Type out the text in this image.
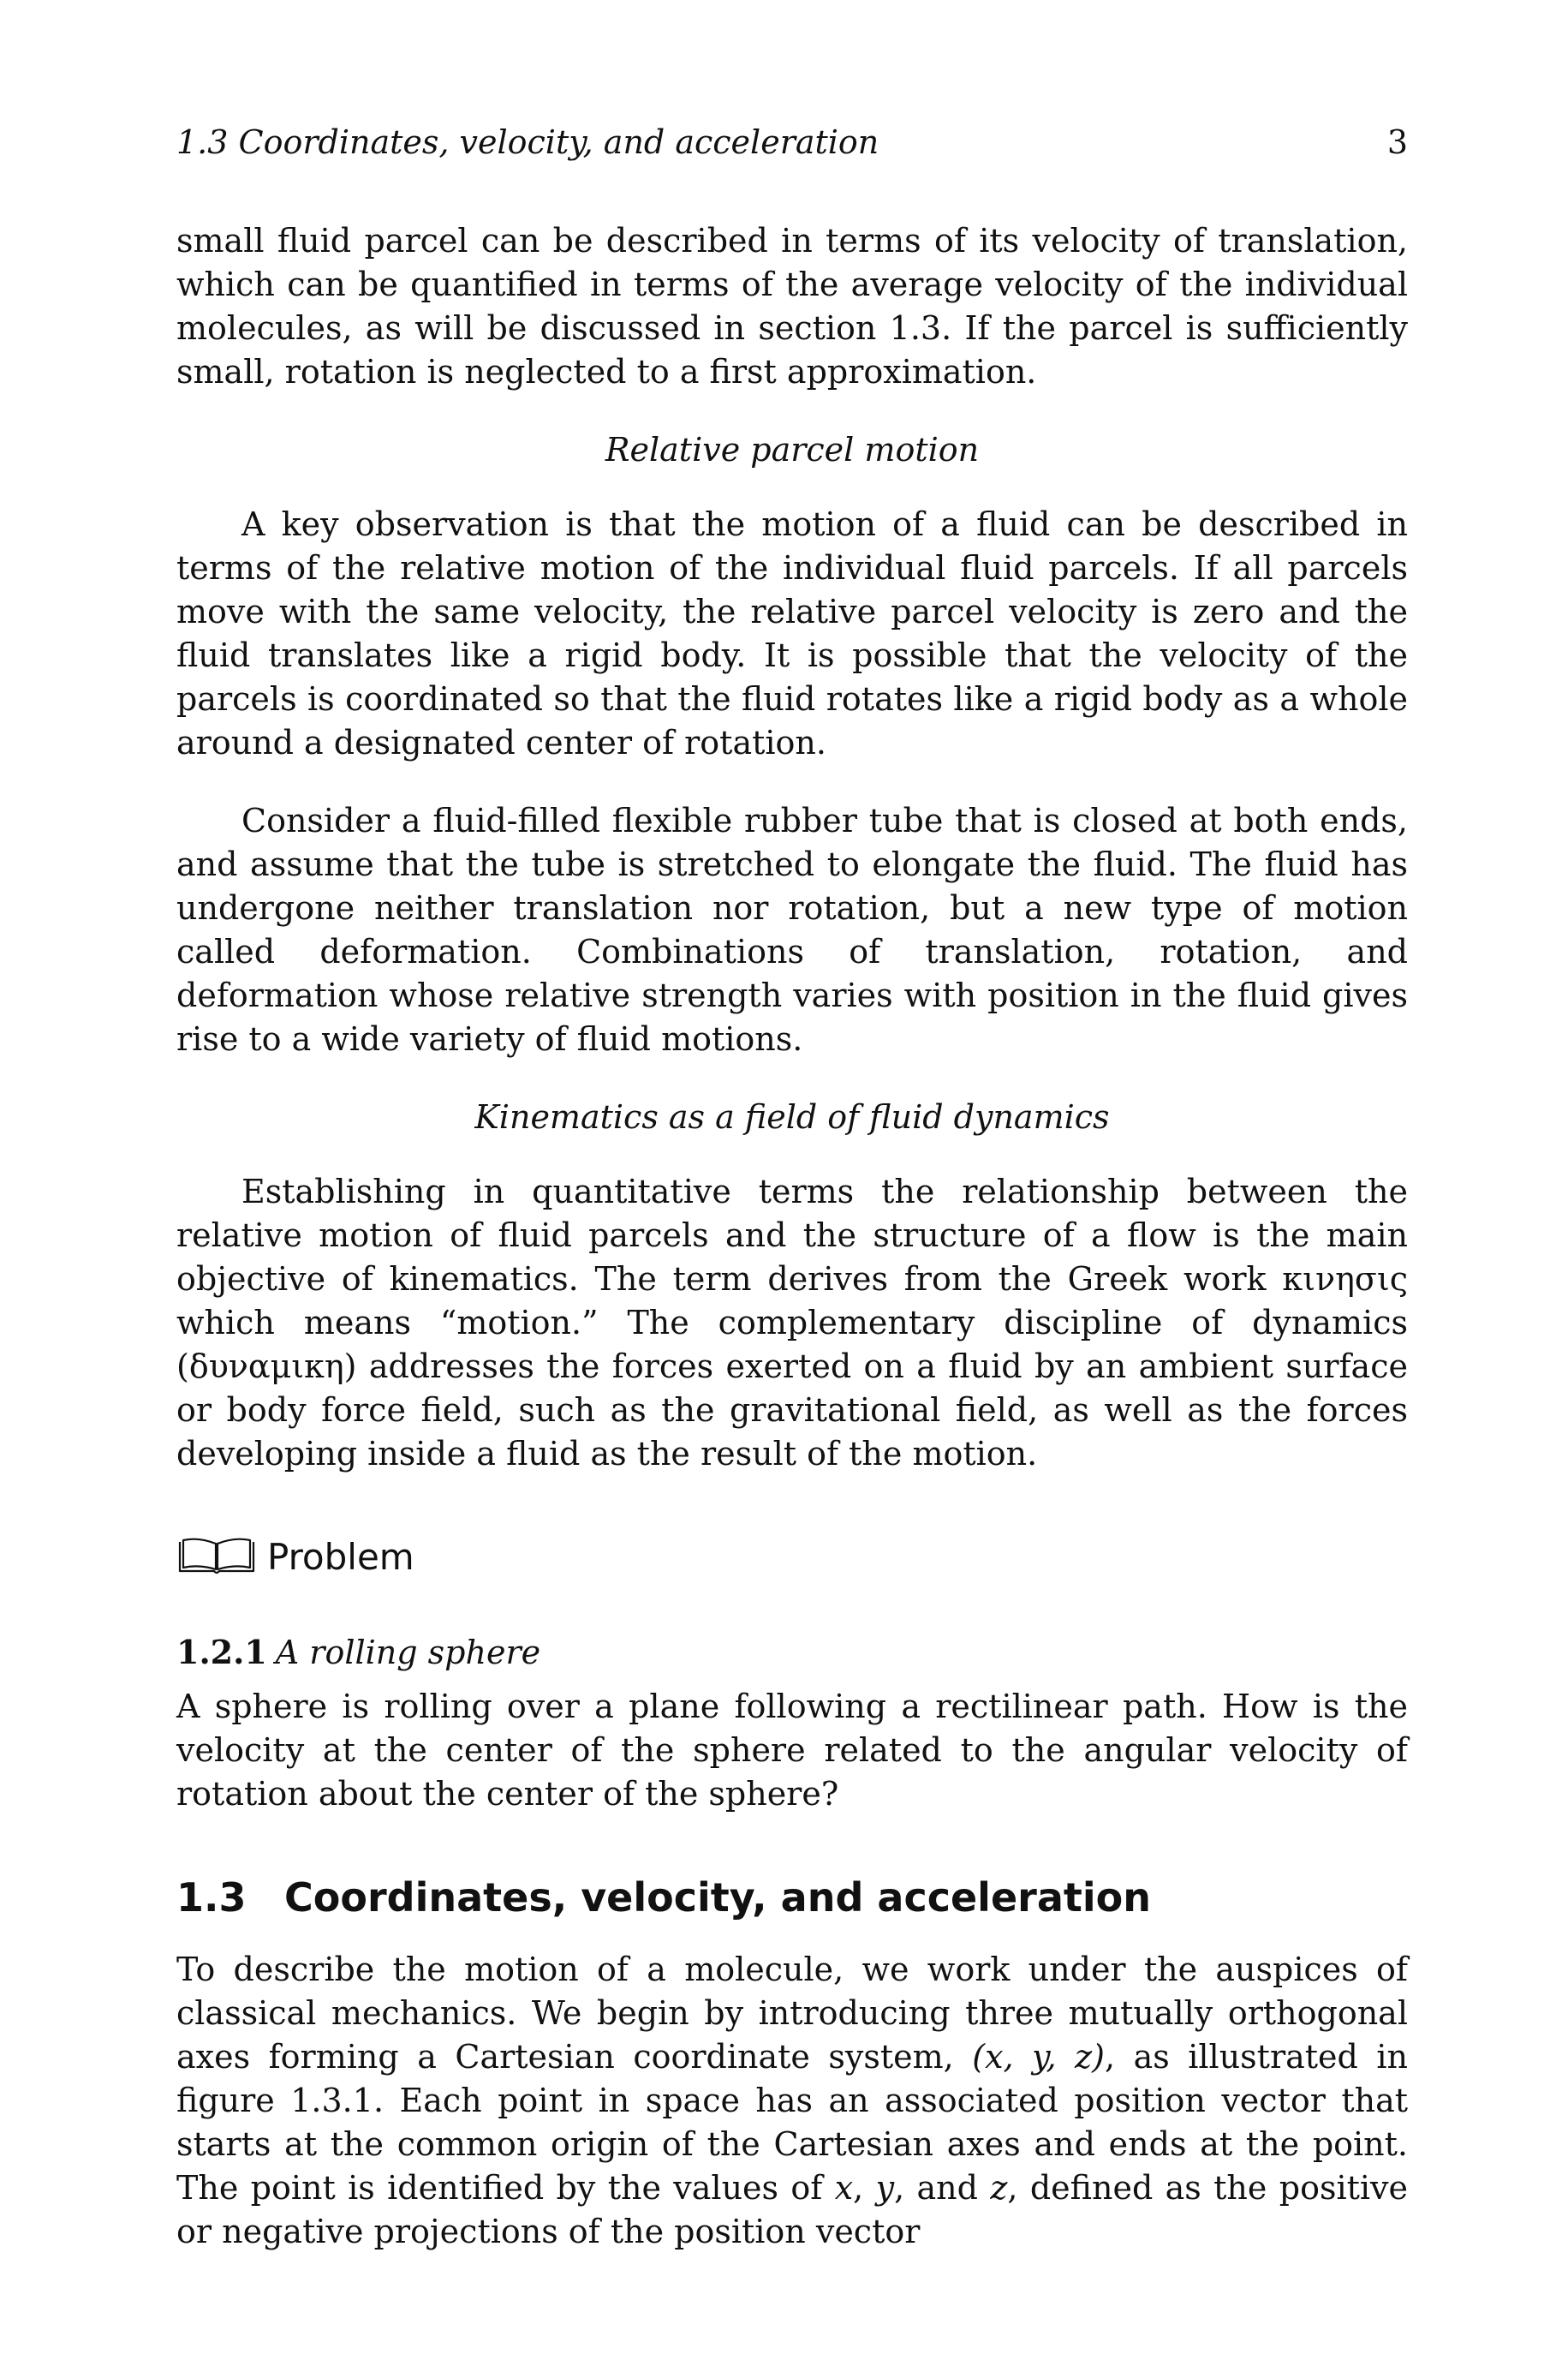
1.3 Coordinates, velocity, and acceleration	3

small fluid parcel can be described in terms of its velocity of translation, which can be quantified in terms of the average velocity of the individual molecules, as will be discussed in section 1.3. If the parcel is sufficiently small, rotation is neglected to a first approximation.

Relative parcel motion

A key observation is that the motion of a fluid can be described in terms of the relative motion of the individual fluid parcels. If all parcels move with the same velocity, the relative parcel velocity is zero and the fluid translates like a rigid body. It is possible that the velocity of the parcels is coordinated so that the fluid rotates like a rigid body as a whole around a designated center of rotation.

Consider a fluid-filled flexible rubber tube that is closed at both ends, and assume that the tube is stretched to elongate the fluid. The fluid has undergone neither translation nor rotation, but a new type of motion called deformation. Combinations of translation, rotation, and deformation whose relative strength varies with position in the fluid gives rise to a wide variety of fluid motions.

Kinematics as a field of fluid dynamics

Establishing in quantitative terms the relationship between the relative motion of fluid parcels and the structure of a flow is the main objective of kinematics. The term derives from the Greek work κινησις which means “motion.” The complementary discipline of dynamics (δυναμικη) addresses the forces exerted on a fluid by an ambient surface or body force field, such as the gravitational field, as well as the forces developing inside a fluid as the result of the motion.

Problem
1.2.1 A rolling sphere

A sphere is rolling over a plane following a rectilinear path. How is the velocity at the center of the sphere related to the angular velocity of rotation about the center of the sphere?

1.3 Coordinates, velocity, and acceleration

To describe the motion of a molecule, we work under the auspices of classical mechanics. We begin by introducing three mutually orthogonal axes forming a Cartesian coordinate system, (x, y, z), as illustrated in figure 1.3.1. Each point in space has an associated position vector that starts at the common origin of the Cartesian axes and ends at the point. The point is identified by the values of x, y, and z, defined as the positive or negative projections of the position vector
